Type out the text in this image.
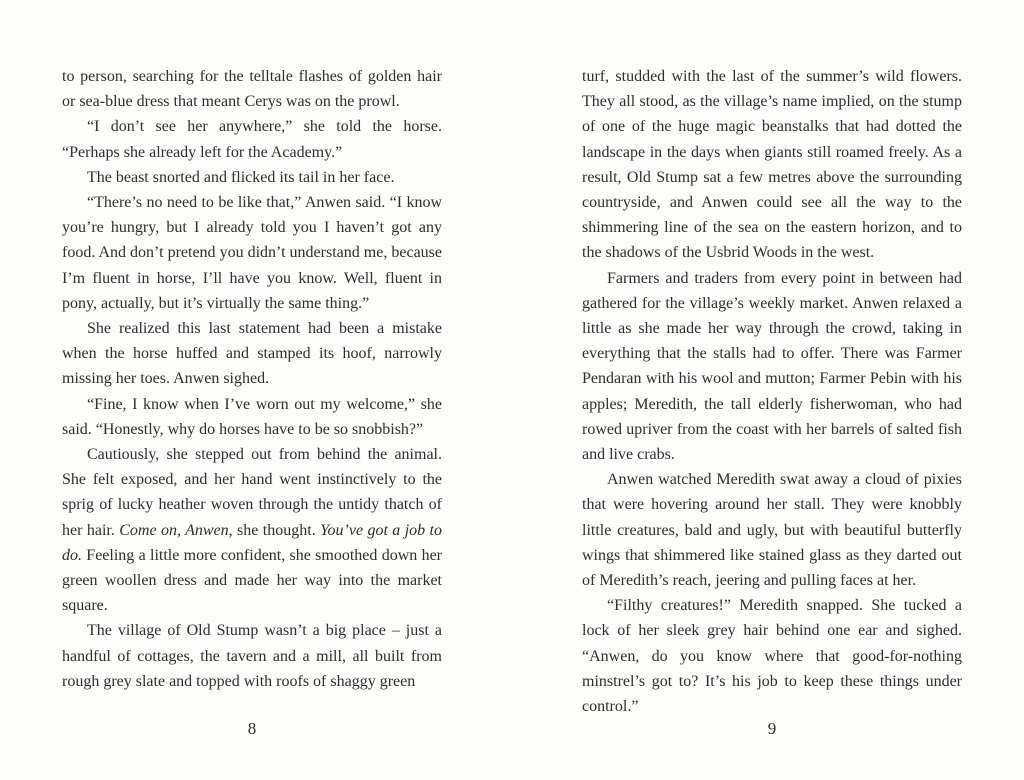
to person, searching for the telltale flashes of golden hair or sea-blue dress that meant Cerys was on the prowl.

“I don’t see her anywhere,” she told the horse. “Perhaps she already left for the Academy.”

The beast snorted and flicked its tail in her face.

“There’s no need to be like that,” Anwen said. “I know you’re hungry, but I already told you I haven’t got any food. And don’t pretend you didn’t understand me, because I’m fluent in horse, I’ll have you know. Well, fluent in pony, actually, but it’s virtually the same thing.”

She realized this last statement had been a mistake when the horse huffed and stamped its hoof, narrowly missing her toes. Anwen sighed.

“Fine, I know when I’ve worn out my welcome,” she said. “Honestly, why do horses have to be so snobbish?”

Cautiously, she stepped out from behind the animal. She felt exposed, and her hand went instinctively to the sprig of lucky heather woven through the untidy thatch of her hair. Come on, Anwen, she thought. You’ve got a job to do. Feeling a little more confident, she smoothed down her green woollen dress and made her way into the market square.

The village of Old Stump wasn’t a big place – just a handful of cottages, the tavern and a mill, all built from rough grey slate and topped with roofs of shaggy green

turf, studded with the last of the summer’s wild flowers. They all stood, as the village’s name implied, on the stump of one of the huge magic beanstalks that had dotted the landscape in the days when giants still roamed freely. As a result, Old Stump sat a few metres above the surrounding countryside, and Anwen could see all the way to the shimmering line of the sea on the eastern horizon, and to the shadows of the Usbrid Woods in the west.

Farmers and traders from every point in between had gathered for the village’s weekly market. Anwen relaxed a little as she made her way through the crowd, taking in everything that the stalls had to offer. There was Farmer Pendaran with his wool and mutton; Farmer Pebin with his apples; Meredith, the tall elderly fisherwoman, who had rowed upriver from the coast with her barrels of salted fish and live crabs.

Anwen watched Meredith swat away a cloud of pixies that were hovering around her stall. They were knobbly little creatures, bald and ugly, but with beautiful butterfly wings that shimmered like stained glass as they darted out of Meredith’s reach, jeering and pulling faces at her.

“Filthy creatures!” Meredith snapped. She tucked a lock of her sleek grey hair behind one ear and sighed. “Anwen, do you know where that good-for-nothing minstrel’s got to? It’s his job to keep these things under control.”

8	9
